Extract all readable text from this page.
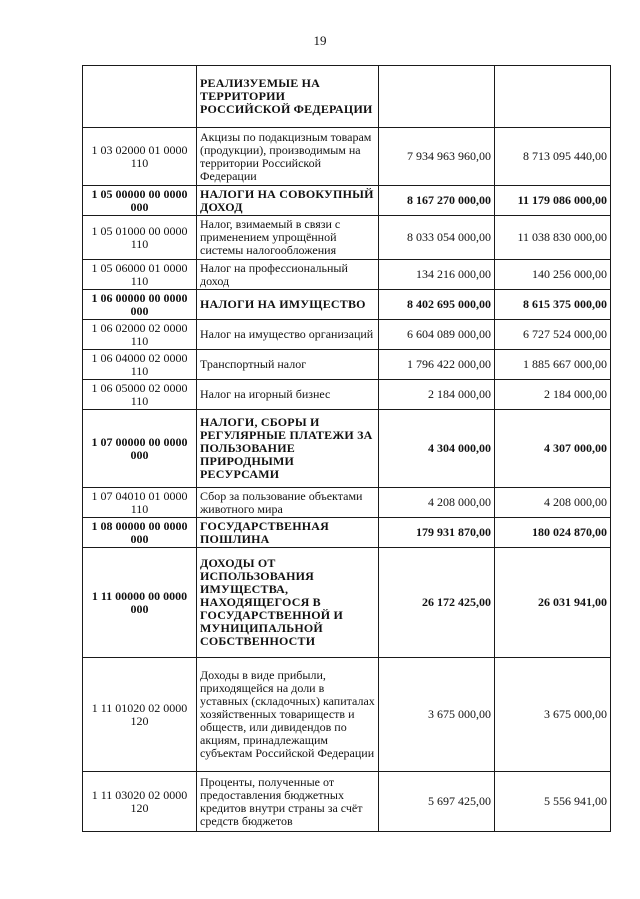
19
	РЕАЛИЗУЕМЫЕ НА ТЕРРИТОРИИ РОССИЙСКОЙ ФЕДЕРАЦИИ		
1 03 02000 01 0000 110	Акцизы по подакцизным товарам (продукции), производимым на территории Российской Федерации	7 934 963 960,00	8 713 095 440,00
1 05 00000 00 0000 000	НАЛОГИ НА СОВОКУПНЫЙ ДОХОД	8 167 270 000,00	11 179 086 000,00
1 05 01000 00 0000 110	Налог, взимаемый в связи с применением упрощённой системы налогообложения	8 033 054 000,00	11 038 830 000,00
1 05 06000 01 0000 110	Налог на профессиональный доход	134 216 000,00	140 256 000,00
1 06 00000 00 0000 000	НАЛОГИ НА ИМУЩЕСТВО	8 402 695 000,00	8 615 375 000,00
1 06 02000 02 0000 110	Налог на имущество организаций	6 604 089 000,00	6 727 524 000,00
1 06 04000 02 0000 110	Транспортный налог	1 796 422 000,00	1 885 667 000,00
1 06 05000 02 0000 110	Налог на игорный бизнес	2 184 000,00	2 184 000,00
1 07 00000 00 0000 000	НАЛОГИ, СБОРЫ И РЕГУЛЯРНЫЕ ПЛАТЕЖИ ЗА ПОЛЬЗОВАНИЕ ПРИРОДНЫМИ РЕСУРСАМИ	4 304 000,00	4 307 000,00
1 07 04010 01 0000 110	Сбор за пользование объектами животного мира	4 208 000,00	4 208 000,00
1 08 00000 00 0000 000	ГОСУДАРСТВЕННАЯ ПОШЛИНА	179 931 870,00	180 024 870,00
1 11 00000 00 0000 000	ДОХОДЫ ОТ ИСПОЛЬЗОВАНИЯ ИМУЩЕСТВА, НАХОДЯЩЕГОСЯ В ГОСУДАРСТВЕННОЙ И МУНИЦИПАЛЬНОЙ СОБСТВЕННОСТИ	26 172 425,00	26 031 941,00
1 11 01020 02 0000 120	Доходы в виде прибыли, приходящейся на доли в уставных (складочных) капиталах хозяйственных товариществ и обществ, или дивидендов по акциям, принадлежащим субъектам Российской Федерации	3 675 000,00	3 675 000,00
1 11 03020 02 0000 120	Проценты, полученные от предоставления бюджетных кредитов внутри страны за счёт средств бюджетов	5 697 425,00	5 556 941,00
